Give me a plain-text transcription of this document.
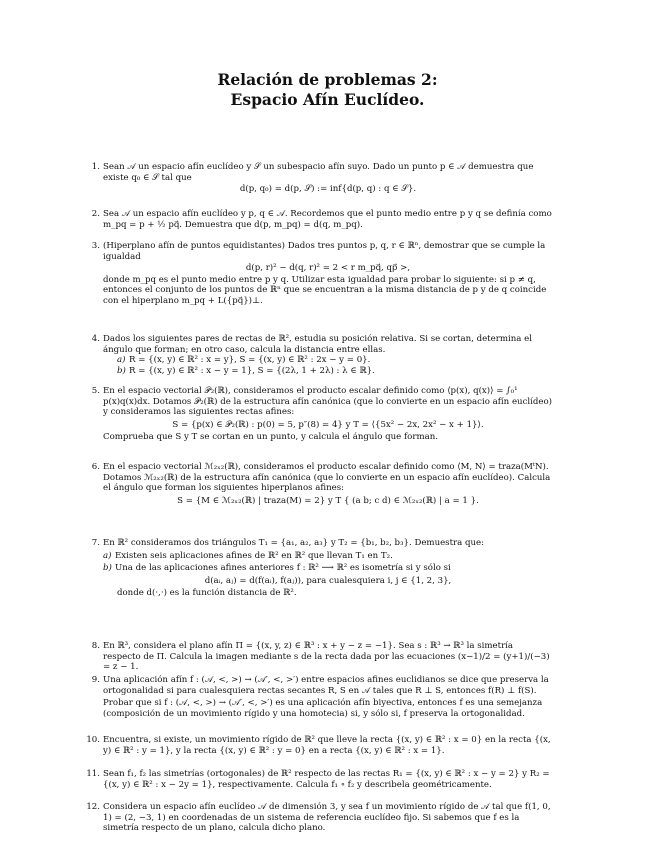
Relación de problemas 2:
Espacio Afín Euclídeo.
1. Sean 𝒜 un espacio afín euclídeo y 𝒮 un subespacio afín suyo. Dado un punto p ∈ 𝒜 demuestra que existe q₀ ∈ 𝒮 tal que
d(p, q₀) = d(p, 𝒮) := inf{d(p, q) : q ∈ 𝒮}.
2. Sea 𝒜 un espacio afín euclídeo y p, q ∈ 𝒜. Recordemos que el punto medio entre p y q se definía como m_pq = p + ½ pq⃗. Demuestra que d(p, m_pq) = d(q, m_pq).
3. (Hiperplano afín de puntos equidistantes) Dados tres puntos p, q, r ∈ ℝⁿ, demostrar que se cumple la igualdad
d(p, r)² − d(q, r)² = 2 < r m_pq⃗, qp⃗ >,
donde m_pq es el punto medio entre p y q. Utilizar esta igualdad para probar lo siguiente: si p ≠ q, entonces el conjunto de los puntos de ℝⁿ que se encuentran a la misma distancia de p y de q coincide con el hiperplano m_pq + L({pq⃗})⊥.
4. Dados los siguientes pares de rectas de ℝ², estudia su posición relativa. Si se cortan, determina el ángulo que forman; en otro caso, calcula la distancia entre ellas.
a) R = {(x, y) ∈ ℝ² : x = y}, S = {(x, y) ∈ ℝ² : 2x − y = 0}.
b) R = {(x, y) ∈ ℝ² : x − y = 1}, S = {(2λ, 1 + 2λ) : λ ∈ ℝ}.
5. En el espacio vectorial 𝒫₂(ℝ), consideramos el producto escalar definido como ⟨p(x), q(x)⟩ = ∫₀¹ p(x)q(x)dx. Dotamos 𝒫₂(ℝ) de la estructura afín canónica (que lo convierte en un espacio afín euclídeo) y consideramos las siguientes rectas afines:
S = {p(x) ∈ 𝒫₂(ℝ) : p(0) = 5, p″(8) = 4} y T = ⟨{5x² − 2x, 2x² − x + 1}⟩.
Comprueba que S y T se cortan en un punto, y calcula el ángulo que forman.
6. En el espacio vectorial ℳ₂ₓ₂(ℝ), consideramos el producto escalar definido como ⟨M, N⟩ = traza(MᵗN). Dotamos ℳ₂ₓ₂(ℝ) de la estructura afín canónica (que lo convierte en un espacio afín euclídeo). Calcula el ángulo que forman los siguientes hiperplanos afines:
S = {M ∈ ℳ₂ₓ₂(ℝ) | traza(M) = 2} y T { (a b; c d) ∈ ℳ₂ₓ₂(ℝ) | a = 1 }.
7. En ℝ² consideramos dos triángulos T₁ = {a₁, a₂, a₃} y T₂ = {b₁, b₂, b₃}. Demuestra que:
a) Existen seis aplicaciones afines de ℝ² en ℝ² que llevan T₁ en T₂.
b) Una de las aplicaciones afines anteriores f : ℝ² ⟶ ℝ² es isometría si y sólo si
d(aᵢ, aⱼ) = d(f(aᵢ), f(aⱼ)), para cualesquiera i, j ∈ {1, 2, 3},
donde d(·,·) es la función distancia de ℝ².
8. En ℝ³, considera el plano afín Π = {(x, y, z) ∈ ℝ³ : x + y − z = −1}. Sea s : ℝ³ → ℝ³ la simetría respecto de Π. Calcula la imagen mediante s de la recta dada por las ecuaciones (x−1)/2 = (y+1)/(−3) = z − 1.
9. Una aplicación afín f : (𝒜, <, >) → (𝒜′, <, >′) entre espacios afines euclidianos se dice que preserva la ortogonalidad si para cualesquiera rectas secantes R, S en 𝒜 tales que R ⊥ S, entonces f(R) ⊥ f(S).
Probar que si f : (𝒜, <, >) → (𝒜′, <, >′) es una aplicación afín biyectiva, entonces f es una semejanza (composición de un movimiento rígido y una homotecia) si, y sólo si, f preserva la ortogonalidad.
10. Encuentra, si existe, un movimiento rígido de ℝ² que lleve la recta {(x, y) ∈ ℝ² : x = 0} en la recta {(x, y) ∈ ℝ² : y = 1}, y la recta {(x, y) ∈ ℝ² : y = 0} en a recta {(x, y) ∈ ℝ² : x = 1}.
11. Sean f₁, f₂ las simetrías (ortogonales) de ℝ² respecto de las rectas R₁ = {(x, y) ∈ ℝ² : x − y = 2} y R₂ = {(x, y) ∈ ℝ² : x − 2y = 1}, respectivamente. Calcula f₁ ∘ f₂ y describela geométricamente.
12. Considera un espacio afín euclídeo 𝒜 de dimensión 3, y sea f un movimiento rígido de 𝒜 tal que f(1, 0, 1) = (2, −3, 1) en coordenadas de un sistema de referencia euclídeo fijo. Si sabemos que f es la simetría respecto de un plano, calcula dicho plano.
